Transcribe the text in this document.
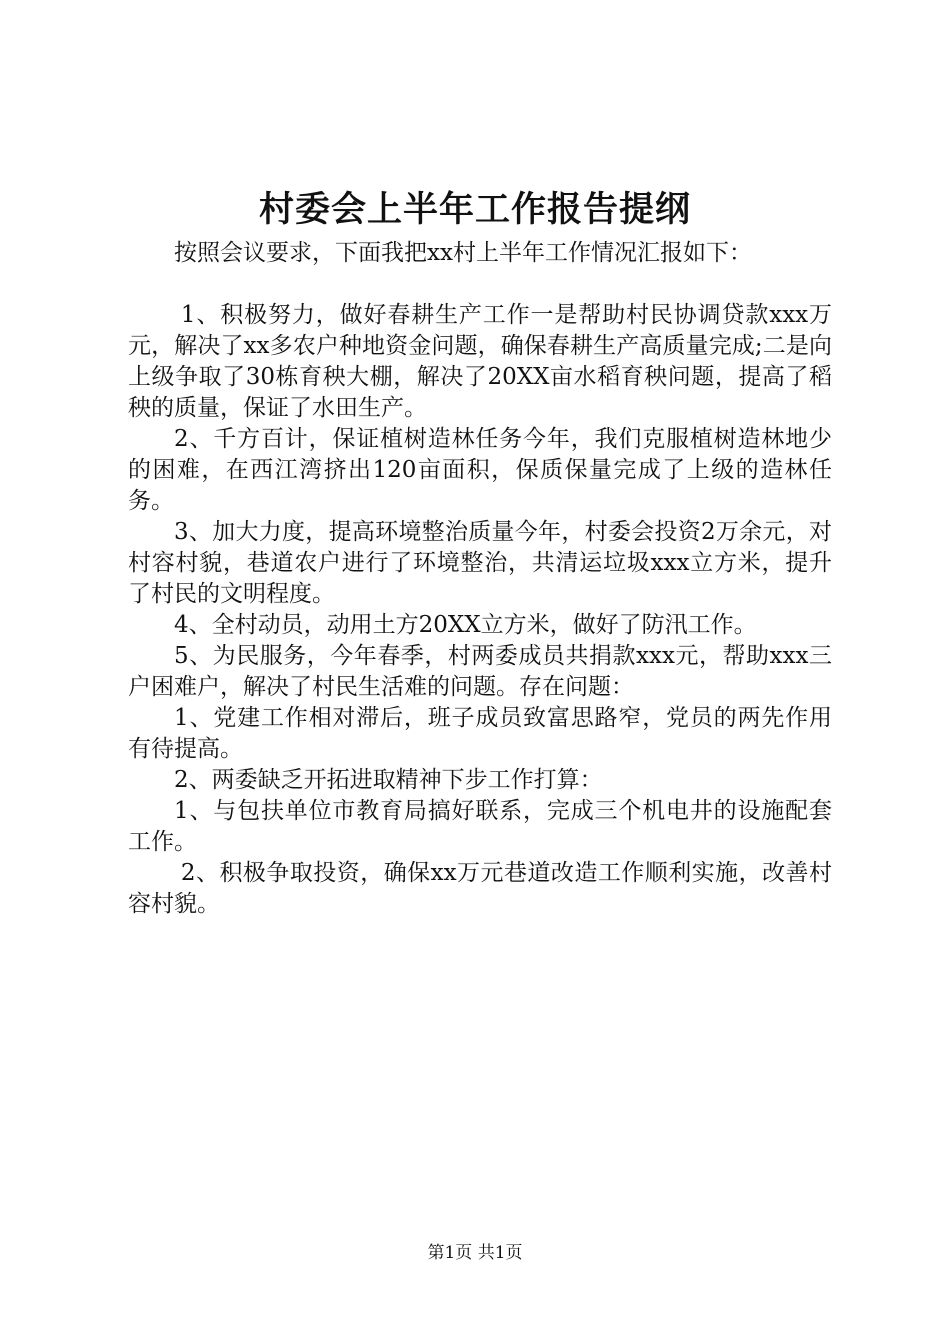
村委会上半年工作报告提纲

按照会议要求，下面我把xx村上半年工作情况汇报如下：

1、积极努力，做好春耕生产工作一是帮助村民协调贷款xxx万元，解决了xx多农户种地资金问题，确保春耕生产高质量完成;二是向上级争取了30栋育秧大棚，解决了20XX亩水稻育秧问题，提高了稻秧的质量，保证了水田生产。

2、千方百计，保证植树造林任务今年，我们克服植树造林地少的困难，在西江湾挤出120亩面积，保质保量完成了上级的造林任务。

3、加大力度，提高环境整治质量今年，村委会投资2万余元，对村容村貌，巷道农户进行了环境整治，共清运垃圾xxx立方米，提升了村民的文明程度。

4、全村动员，动用土方20XX立方米，做好了防汛工作。

5、为民服务，今年春季，村两委成员共捐款xxx元，帮助xxx三户困难户，解决了村民生活难的问题。存在问题：

1、党建工作相对滞后，班子成员致富思路窄，党员的两先作用有待提高。

2、两委缺乏开拓进取精神下步工作打算：

1、与包扶单位市教育局搞好联系，完成三个机电井的设施配套工作。

2、积极争取投资，确保xx万元巷道改造工作顺利实施，改善村容村貌。

第1页 共1页
